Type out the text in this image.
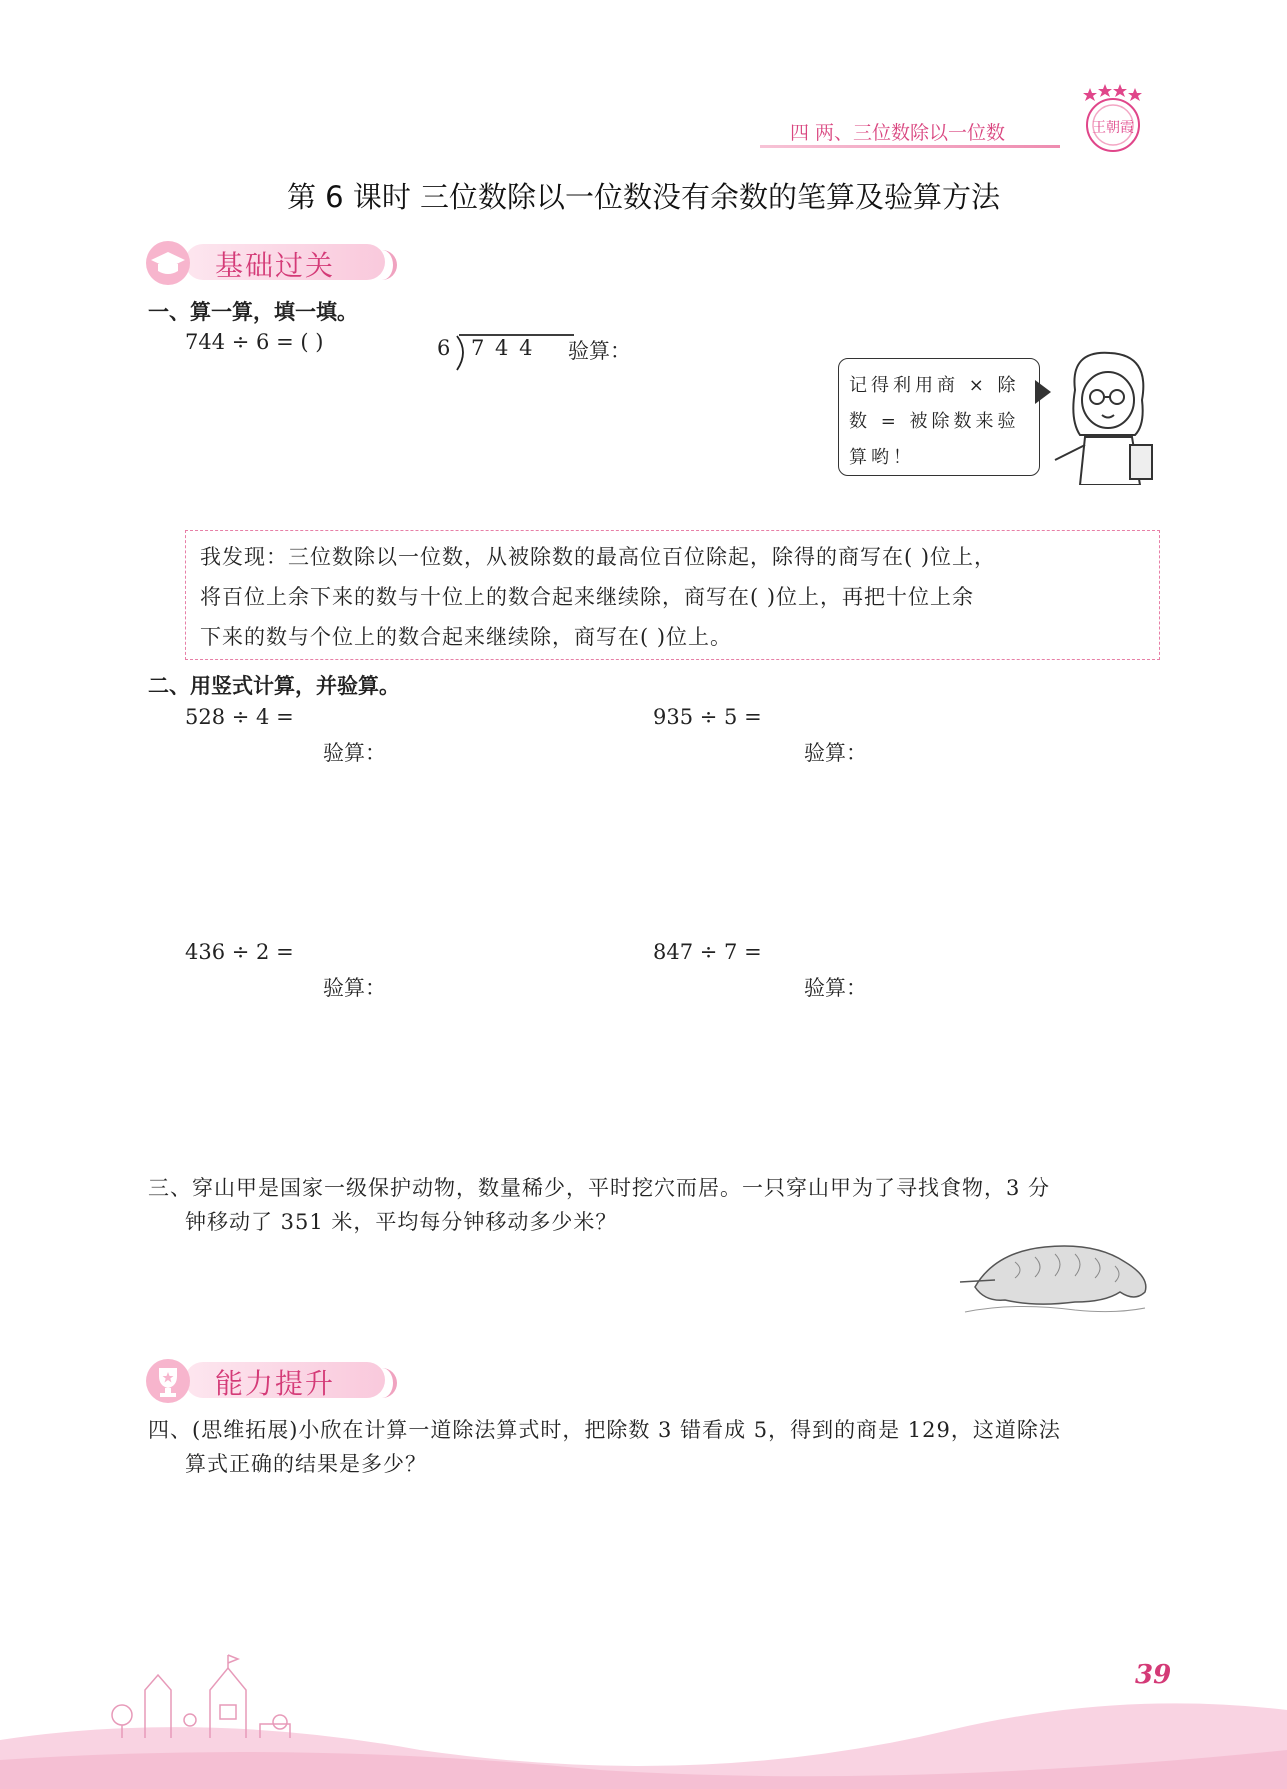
王朝霞
四 两、三位数除以一位数
第 6 课时 三位数除以一位数没有余数的笔算及验算方法
基础过关
一、算一算，填一填。
744 ÷ 6 = ( )	6 7 4 4 验算：
记得利用商 × 除
数 = 被除数来验
算哟！
我发现：三位数除以一位数，从被除数的最高位百位除起，除得的商写在( )位上，
将百位上余下来的数与十位上的数合起来继续除，商写在( )位上，再把十位上余
下来的数与个位上的数合起来继续除，商写在( )位上。
二、用竖式计算，并验算。
528 ÷ 4 =
验算：
935 ÷ 5 =
验算：
436 ÷ 2 =
验算：
847 ÷ 7 =
验算：
三、穿山甲是国家一级保护动物，数量稀少，平时挖穴而居。一只穿山甲为了寻找食物，3 分
钟移动了 351 米，平均每分钟移动多少米？
能力提升
四、(思维拓展)小欣在计算一道除法算式时，把除数 3 错看成 5，得到的商是 129，这道除法
算式正确的结果是多少？
39
